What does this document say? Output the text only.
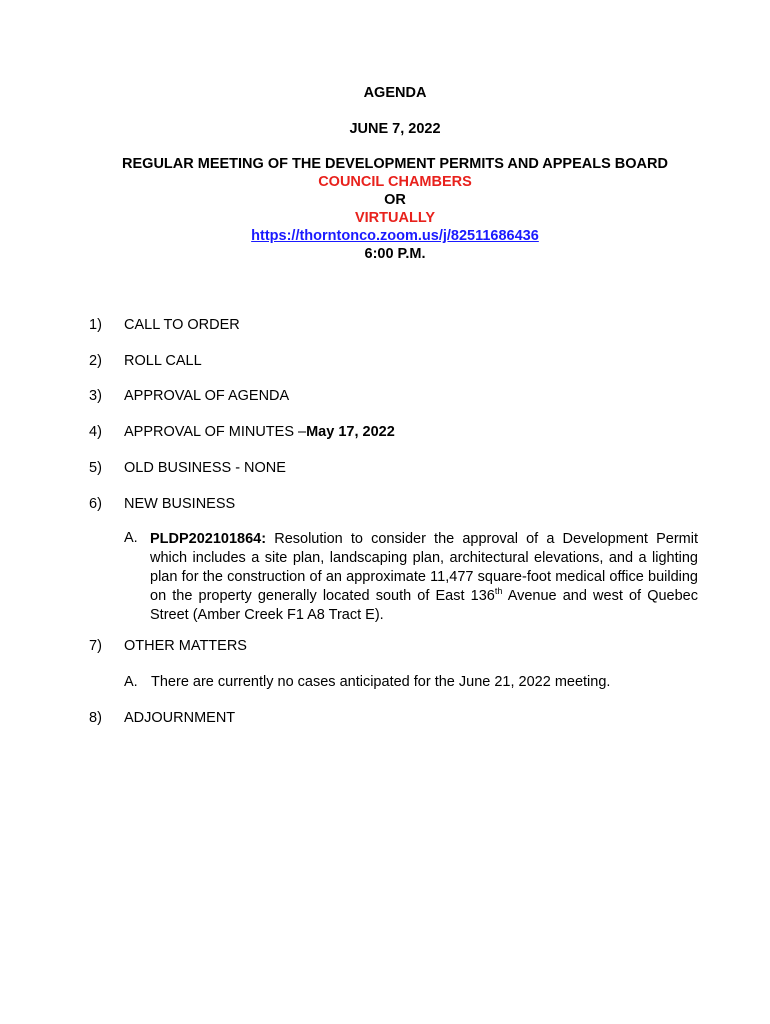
AGENDA
JUNE 7, 2022
REGULAR MEETING OF THE DEVELOPMENT PERMITS AND APPEALS BOARD
COUNCIL CHAMBERS
OR
VIRTUALLY
https://thorntonco.zoom.us/j/82511686436
6:00 P.M.
1) CALL TO ORDER
2) ROLL CALL
3) APPROVAL OF AGENDA
4) APPROVAL OF MINUTES –May 17, 2022
5) OLD BUSINESS - NONE
6) NEW BUSINESS
A. PLDP202101864: Resolution to consider the approval of a Development Permit which includes a site plan, landscaping plan, architectural elevations, and a lighting plan for the construction of an approximate 11,477 square-foot medical office building on the property generally located south of East 136th Avenue and west of Quebec Street (Amber Creek F1 A8 Tract E).
7) OTHER MATTERS
A. There are currently no cases anticipated for the June 21, 2022 meeting.
8) ADJOURNMENT
